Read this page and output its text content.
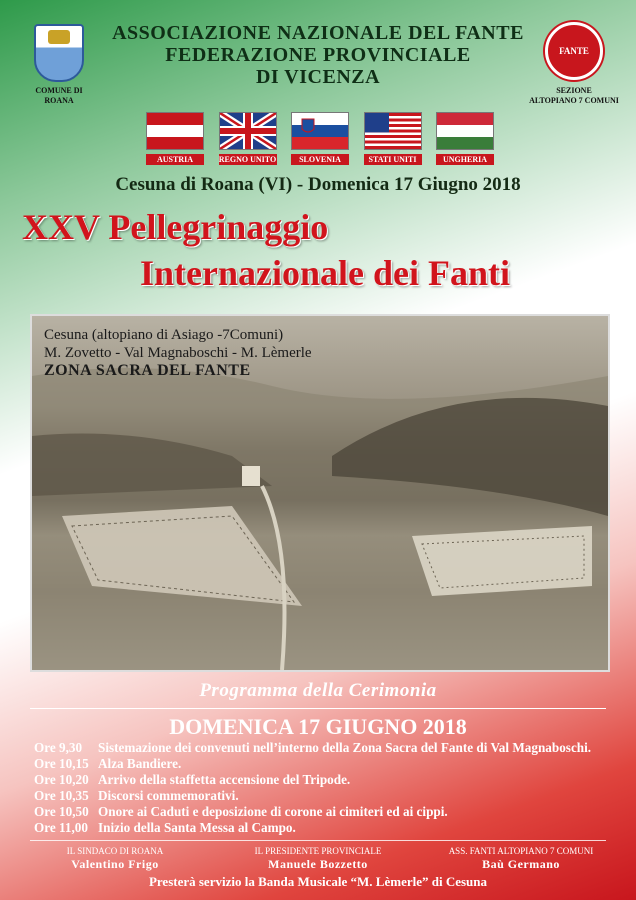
COMUNE DI
ROANA
ASSOCIAZIONE NAZIONALE DEL FANTE
FEDERAZIONE PROVINCIALE
DI VICENZA
FANTE
SEZIONE
ALTOPIANO 7 COMUNI
AUSTRIA	REGNO UNITO	SLOVENIA	STATI UNITI	UNGHERIA
Cesuna di Roana (VI) - Domenica 17 Giugno 2018
XXV Pellegrinaggio
Internazionale dei Fanti
Cesuna (altopiano di Asiago -7Comuni)
M. Zovetto - Val Magnaboschi - M. Lèmerle
ZONA SACRA DEL FANTE
Programma della Cerimonia
DOMENICA 17 GIUGNO 2018
Ore 9,30 Sistemazione dei convenuti nell’interno della Zona Sacra del Fante di Val Magnaboschi.
Ore 10,15 Alza Bandiere.
Ore 10,20 Arrivo della staffetta accensione del Tripode.
Ore 10,35 Discorsi commemorativi.
Ore 10,50 Onore ai Caduti e deposizione di corone ai cimiteri ed ai cippi.
Ore 11,00 Inizio della Santa Messa al Campo.
IL SINDACO DI ROANA
Valentino Frigo
IL PRESIDENTE PROVINCIALE
Manuele Bozzetto
ASS. FANTI ALTOPIANO 7 COMUNI
Baù Germano
Presterà servizio la Banda Musicale “M. Lèmerle” di Cesuna
